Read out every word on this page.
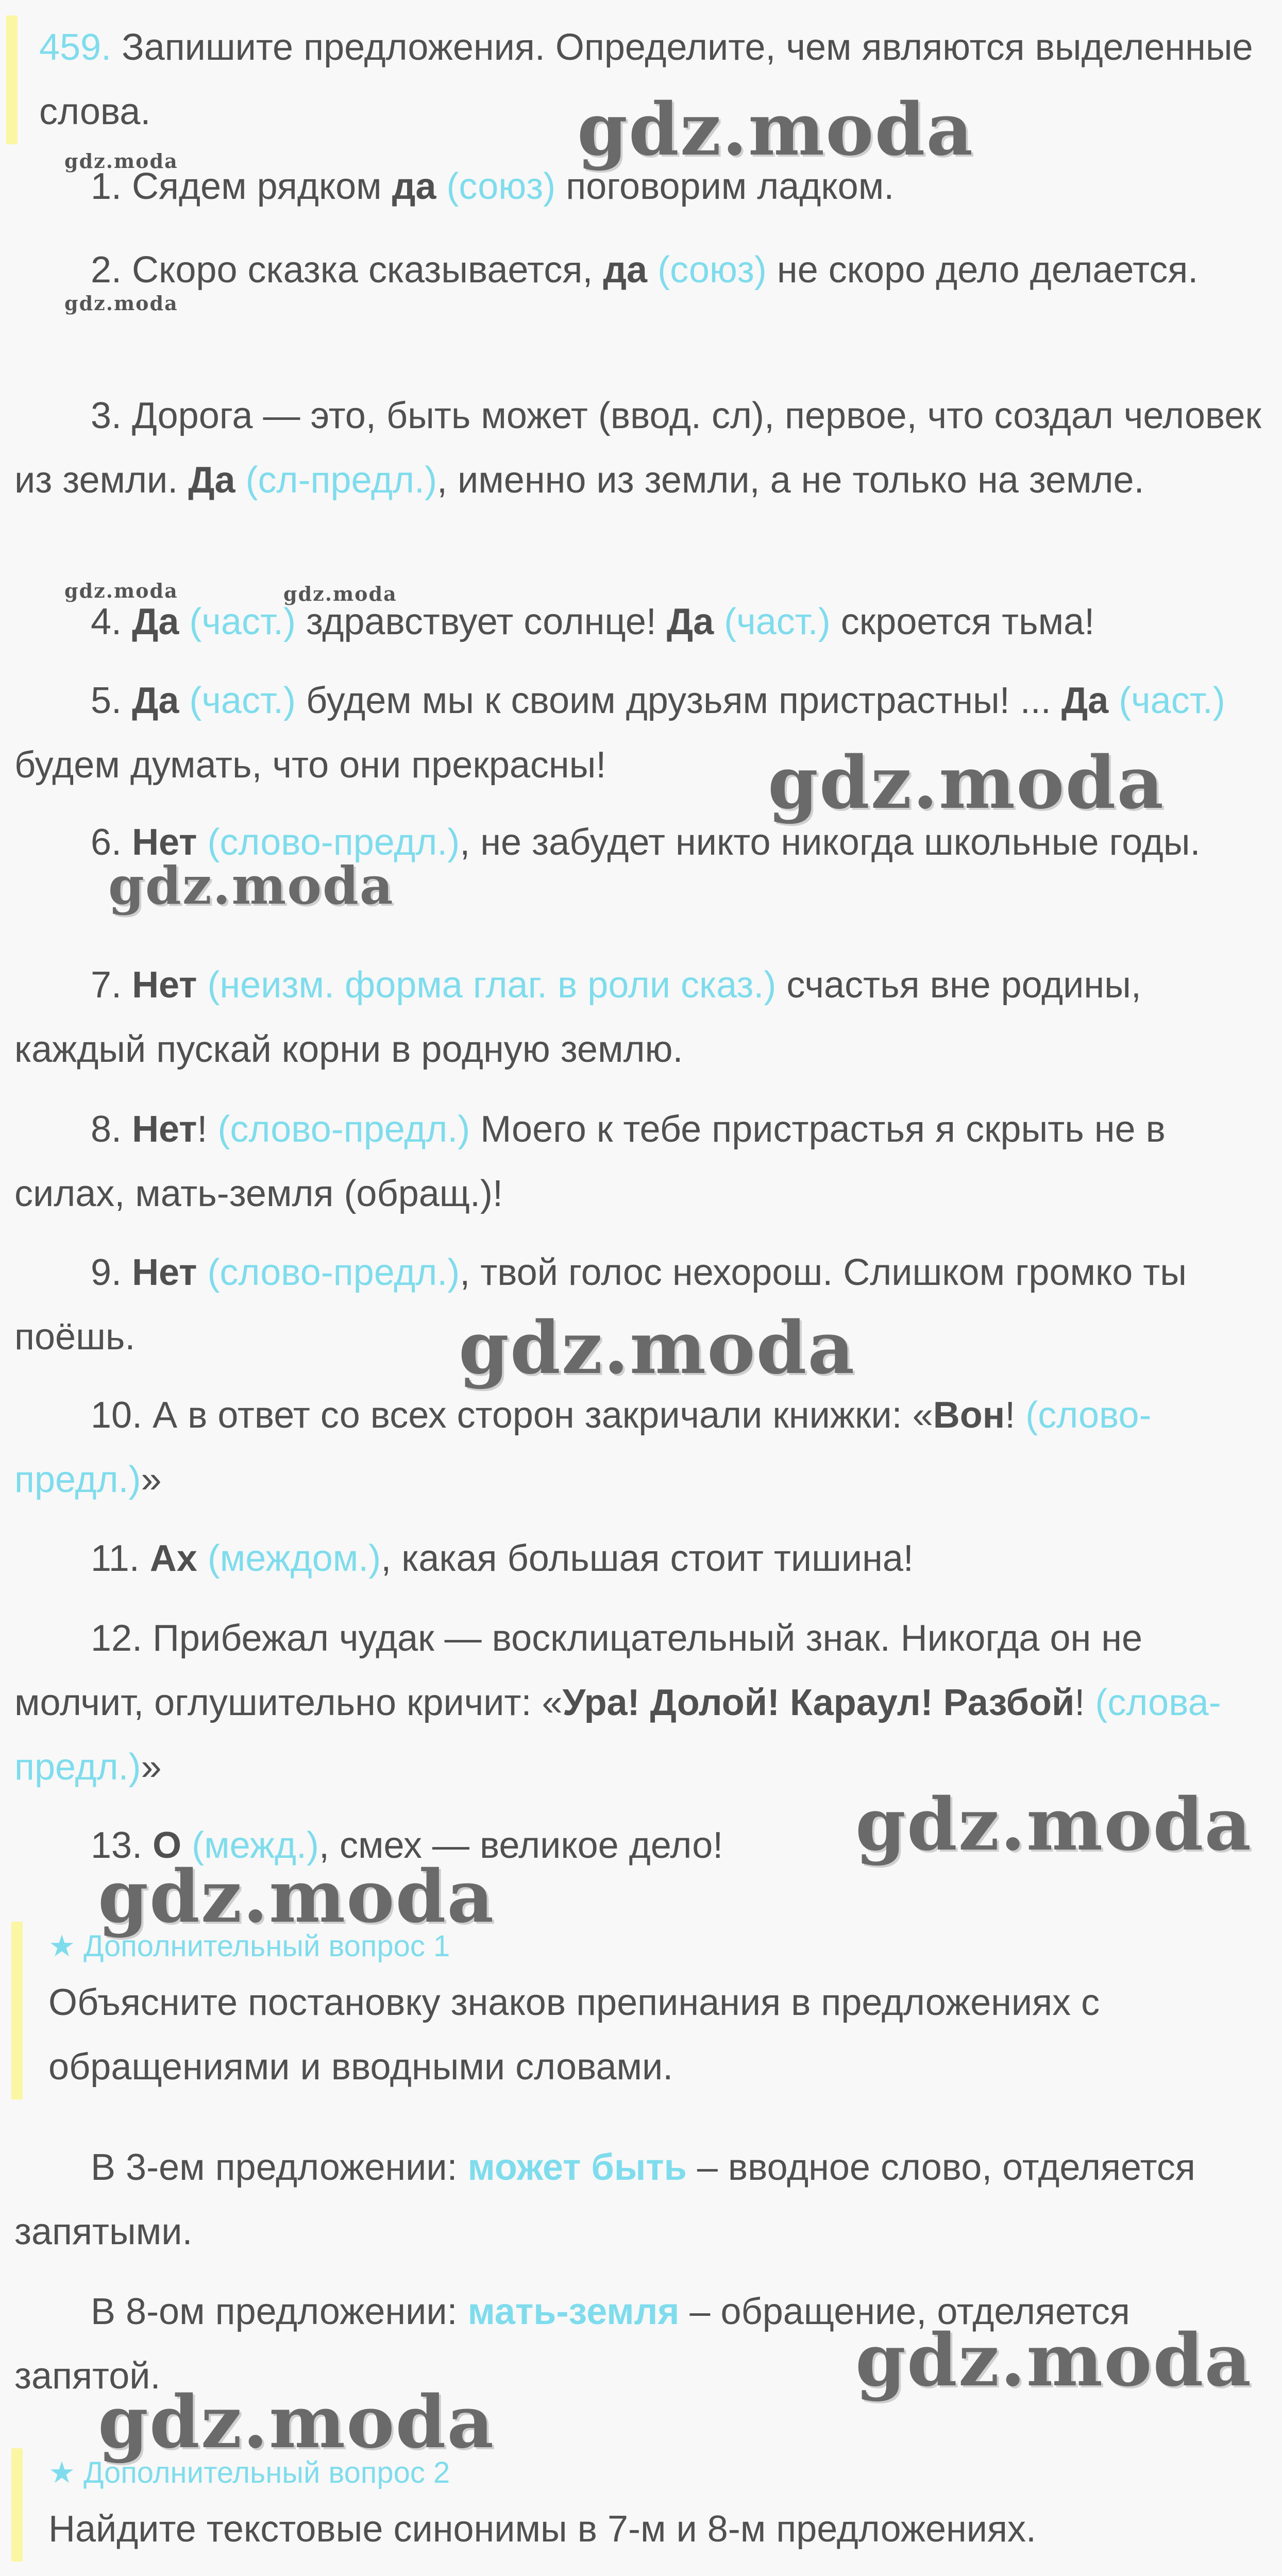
459. Запишите предложения. Определите, чем являются выделенные слова.
1. Сядем рядком да (союз) поговорим ладком.
2. Скоро сказка сказывается, да (союз) не скоро дело делается.
3. Дорога — это, быть может (ввод. сл), первое, что создал человек из земли. Да (сл-предл.), именно из земли, а не только на земле.
4. Да (част.) здравствует солнце! Да (част.) скроется тьма!
5. Да (част.) будем мы к своим друзьям пристрастны! ... Да (част.) будем думать, что они прекрасны!
6. Нет (слово-предл.), не забудет никто никогда школьные годы.
7. Нет (неизм. форма глаг. в роли сказ.) счастья вне родины, каждый пускай корни в родную землю.
8. Нет! (слово-предл.) Моего к тебе пристрастья я скрыть не в силах, мать-земля (обращ.)!
9. Нет (слово-предл.), твой голос нехорош. Слишком громко ты поёшь.
10. А в ответ со всех сторон закричали книжки: «Вон! (слово-предл.)»
11. Ах (междом.), какая большая стоит тишина!
12. Прибежал чудак — восклицательный знак. Никогда он не молчит, оглушительно кричит: «Ура! Долой! Караул! Разбой! (слова-предл.)»
13. О (межд.), смех — великое дело!
★ Дополнительный вопрос 1
Объясните постановку знаков препинания в предложениях с обращениями и вводными словами.
В 3-ем предложении: может быть – вводное слово, отделяется запятыми.
В 8-ом предложении: мать-земля – обращение, отделяется запятой.
★ Дополнительный вопрос 2
Найдите текстовые синонимы в 7-м и 8-м предложениях.
gdz.moda
gdz.moda
gdz.moda
gdz.moda	gdz.moda
gdz.moda
gdz.moda
gdz.moda
gdz.moda
gdz.moda
gdz.moda
gdz.moda
